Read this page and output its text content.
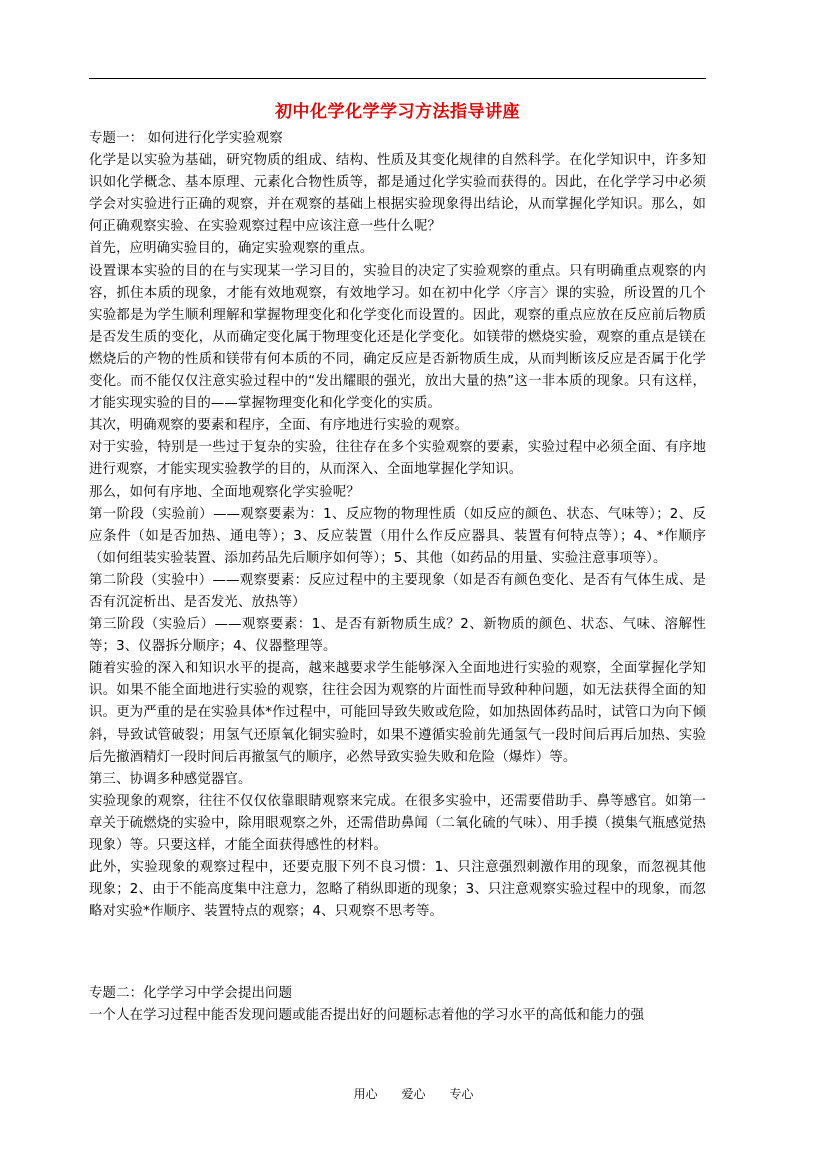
初中化学化学学习方法指导讲座
专题一： 如何进行化学实验观察
化学是以实验为基础，研究物质的组成、结构、性质及其变化规律的自然科学。在化学知识中，许多知识如化学概念、基本原理、元素化合物性质等，都是通过化学实验而获得的。因此，在化学学习中必须学会对实验进行正确的观察，并在观察的基础上根据实验现象得出结论，从而掌握化学知识。那么，如何正确观察实验、在实验观察过程中应该注意一些什么呢？
首先，应明确实验目的，确定实验观察的重点。
设置课本实验的目的在与实现某一学习目的，实验目的决定了实验观察的重点。只有明确重点观察的内容，抓住本质的现象，才能有效地观察，有效地学习。如在初中化学〈序言〉课的实验，所设置的几个实验都是为学生顺利理解和掌握物理变化和化学变化而设置的。因此，观察的重点应放在反应前后物质是否发生质的变化，从而确定变化属于物理变化还是化学变化。如镁带的燃烧实验，观察的重点是镁在燃烧后的产物的性质和镁带有何本质的不同，确定反应是否新物质生成，从而判断该反应是否属于化学变化。而不能仅仅注意实验过程中的“发出耀眼的强光，放出大量的热”这一非本质的现象。只有这样，才能实现实验的目的——掌握物理变化和化学变化的实质。
其次，明确观察的要素和程序，全面、有序地进行实验的观察。
对于实验，特别是一些过于复杂的实验，往往存在多个实验观察的要素，实验过程中必须全面、有序地进行观察，才能实现实验教学的目的，从而深入、全面地掌握化学知识。
那么，如何有序地、全面地观察化学实验呢？
第一阶段（实验前）——观察要素为：1、反应物的物理性质（如反应的颜色、状态、气味等）；2、反应条件（如是否加热、通电等）；3、反应装置（用什么作反应器具、装置有何特点等）；4、*作顺序（如何组装实验装置、添加药品先后顺序如何等）；5、其他（如药品的用量、实验注意事项等）。
第二阶段（实验中）——观察要素：反应过程中的主要现象（如是否有颜色变化、是否有气体生成、是否有沉淀析出、是否发光、放热等）
第三阶段（实验后）——观察要素：1、是否有新物质生成？2、新物质的颜色、状态、气味、溶解性等；3、仪器拆分顺序；4、仪器整理等。
随着实验的深入和知识水平的提高，越来越要求学生能够深入全面地进行实验的观察，全面掌握化学知识。如果不能全面地进行实验的观察，往往会因为观察的片面性而导致种种问题，如无法获得全面的知识。更为严重的是在实验具体*作过程中，可能回导致失败或危险，如加热固体药品时，试管口为向下倾斜，导致试管破裂；用氢气还原氧化铜实验时，如果不遵循实验前先通氢气一段时间后再后加热、实验后先撤酒精灯一段时间后再撤氢气的顺序，必然导致实验失败和危险（爆炸）等。
第三、协调多种感觉器官。
实验现象的观察，往往不仅仅依靠眼睛观察来完成。在很多实验中，还需要借助手、鼻等感官。如第一章关于硫燃烧的实验中，除用眼观察之外，还需借助鼻闻（二氧化硫的气味）、用手摸（摸集气瓶感觉热现象）等。只要这样，才能全面获得感性的材料。
此外，实验现象的观察过程中，还要克服下列不良习惯：1、只注意强烈刺激作用的现象，而忽视其他现象；2、由于不能高度集中注意力，忽略了稍纵即逝的现象；3、只注意观察实验过程中的现象，而忽略对实验*作顺序、装置特点的观察；4、只观察不思考等。
专题二：化学学习中学会提出问题
一个人在学习过程中能否发现问题或能否提出好的问题标志着他的学习水平的高低和能力的强
用心 爱心 专心
